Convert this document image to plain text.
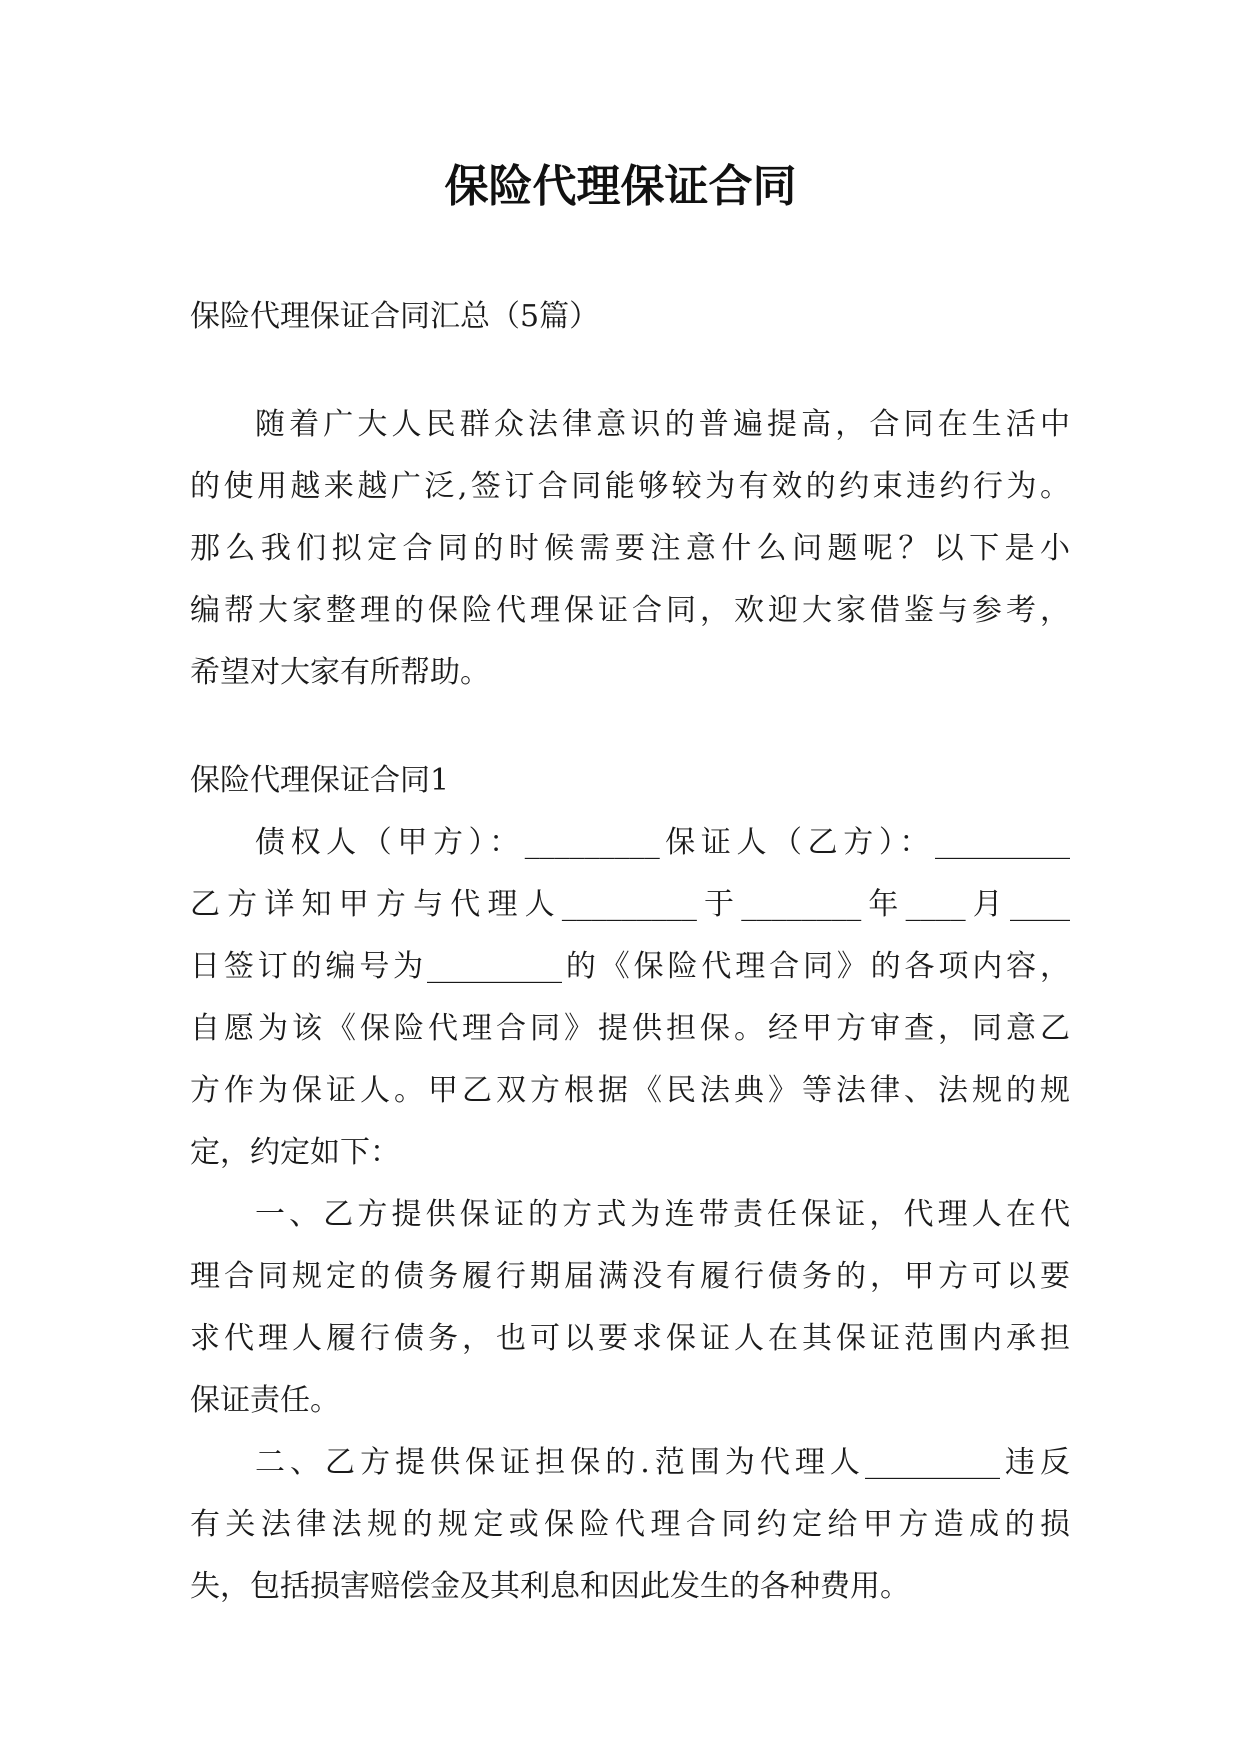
保险代理保证合同
保险代理保证合同汇总（5篇）
随着广大人民群众法律意识的普遍提高，合同在生活中
的使用越来越广泛,签订合同能够较为有效的约束违约行为。
那么我们拟定合同的时候需要注意什么问题呢？以下是小
编帮大家整理的保险代理保证合同，欢迎大家借鉴与参考，
希望对大家有所帮助。
保险代理保证合同1
债权人（甲方）：_________保证人（乙方）：_________
乙方详知甲方与代理人_________于________年____月____
日签订的编号为_________的《保险代理合同》的各项内容，
自愿为该《保险代理合同》提供担保。经甲方审查，同意乙
方作为保证人。甲乙双方根据《民法典》等法律、法规的规
定，约定如下：
一、乙方提供保证的方式为连带责任保证，代理人在代
理合同规定的债务履行期届满没有履行债务的，甲方可以要
求代理人履行债务，也可以要求保证人在其保证范围内承担
保证责任。
二、乙方提供保证担保的.范围为代理人_________违反
有关法律法规的规定或保险代理合同约定给甲方造成的损
失，包括损害赔偿金及其利息和因此发生的各种费用。
